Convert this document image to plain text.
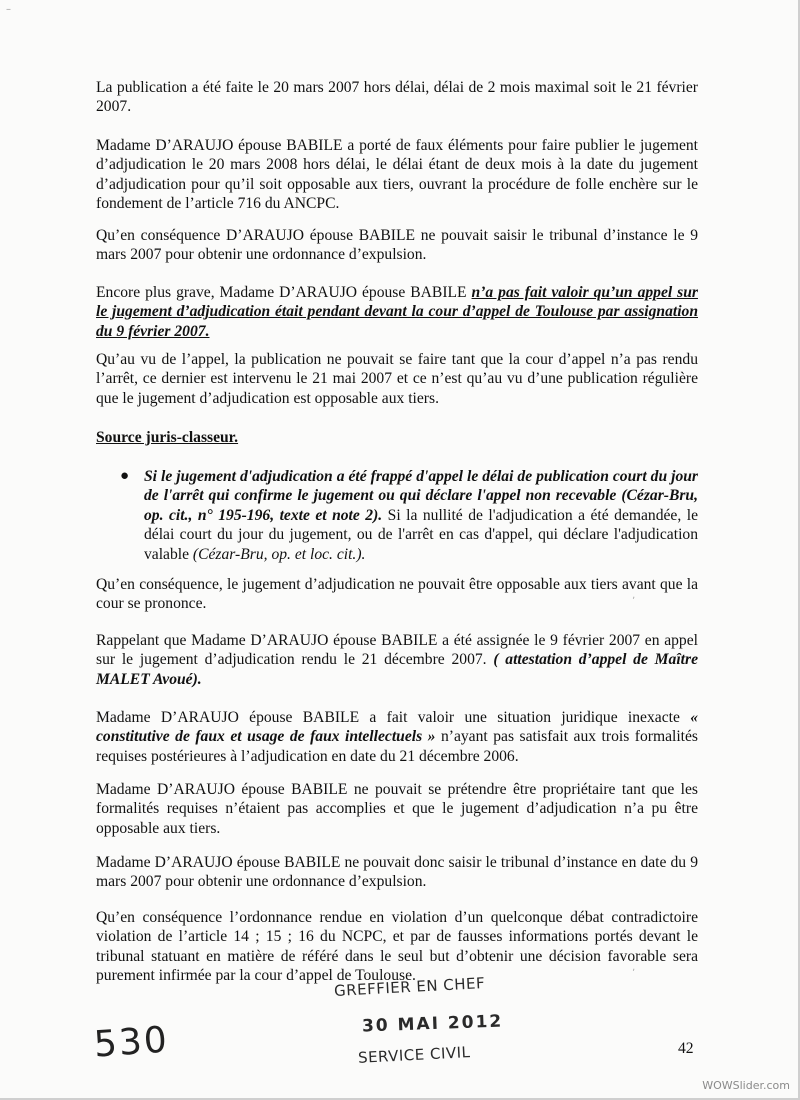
–

La publication a été faite le 20 mars 2007 hors délai, délai de 2 mois maximal soit le 21 février 2007.

Madame D’ARAUJO épouse BABILE a porté de faux éléments pour faire publier le jugement d’adjudication le 20 mars 2008 hors délai, le délai étant de deux mois à la date du jugement d’adjudication pour qu’il soit opposable aux tiers, ouvrant la procédure de folle enchère sur le fondement de l’article 716 du ANCPC.

Qu’en conséquence D’ARAUJO épouse BABILE ne pouvait saisir le tribunal d’instance le 9 mars 2007 pour obtenir une ordonnance d’expulsion.

Encore plus grave, Madame D’ARAUJO épouse BABILE n’a pas fait valoir qu’un appel sur le jugement d’adjudication était pendant devant la cour d’appel de Toulouse par assignation du 9 février 2007.

Qu’au vu de l’appel, la publication ne pouvait se faire tant que la cour d’appel n’a pas rendu l’arrêt, ce dernier est intervenu le 21 mai 2007 et ce n’est qu’au vu d’une publication régulière que le jugement d’adjudication est opposable aux tiers.

Source juris-classeur.

● Si le jugement d'adjudication a été frappé d'appel le délai de publication court du jour de l'arrêt qui confirme le jugement ou qui déclare l'appel non recevable (Cézar-Bru, op. cit., n° 195-196, texte et note 2). Si la nullité de l'adjudication a été demandée, le délai court du jour du jugement, ou de l'arrêt en cas d'appel, qui déclare l'adjudication valable (Cézar-Bru, op. et loc. cit.).

Qu’en conséquence, le jugement d’adjudication ne pouvait être opposable aux tiers avant que la cour se prononce.

Rappelant que Madame D’ARAUJO épouse BABILE a été assignée le 9 février 2007 en appel sur le jugement d’adjudication rendu le 21 décembre 2007. ( attestation d’appel de Maître MALET Avoué).

Madame D’ARAUJO épouse BABILE a fait valoir une situation juridique inexacte « constitutive de faux et usage de faux intellectuels » n’ayant pas satisfait aux trois formalités requises postérieures à l’adjudication en date du 21 décembre 2006.

Madame D’ARAUJO épouse BABILE ne pouvait se prétendre être propriétaire tant que les formalités requises n’étaient pas accomplies et que le jugement d’adjudication n’a pu être opposable aux tiers.

Madame D’ARAUJO épouse BABILE ne pouvait donc saisir le tribunal d’instance en date du 9 mars 2007 pour obtenir une ordonnance d’expulsion.

Qu’en conséquence l’ordonnance rendue en violation d’un quelconque débat contradictoire violation de l’article 14 ; 15 ; 16 du NCPC, et par de fausses informations portés devant le tribunal statuant en matière de référé dans le seul but d’obtenir une décision favorable sera purement infirmée par la cour d’appel de Toulouse.

ʼ
ʼ
GREFFIER EN CHEF
30 MAI 2012
SERVICE CIVIL
530	42
WOWSlider.com
